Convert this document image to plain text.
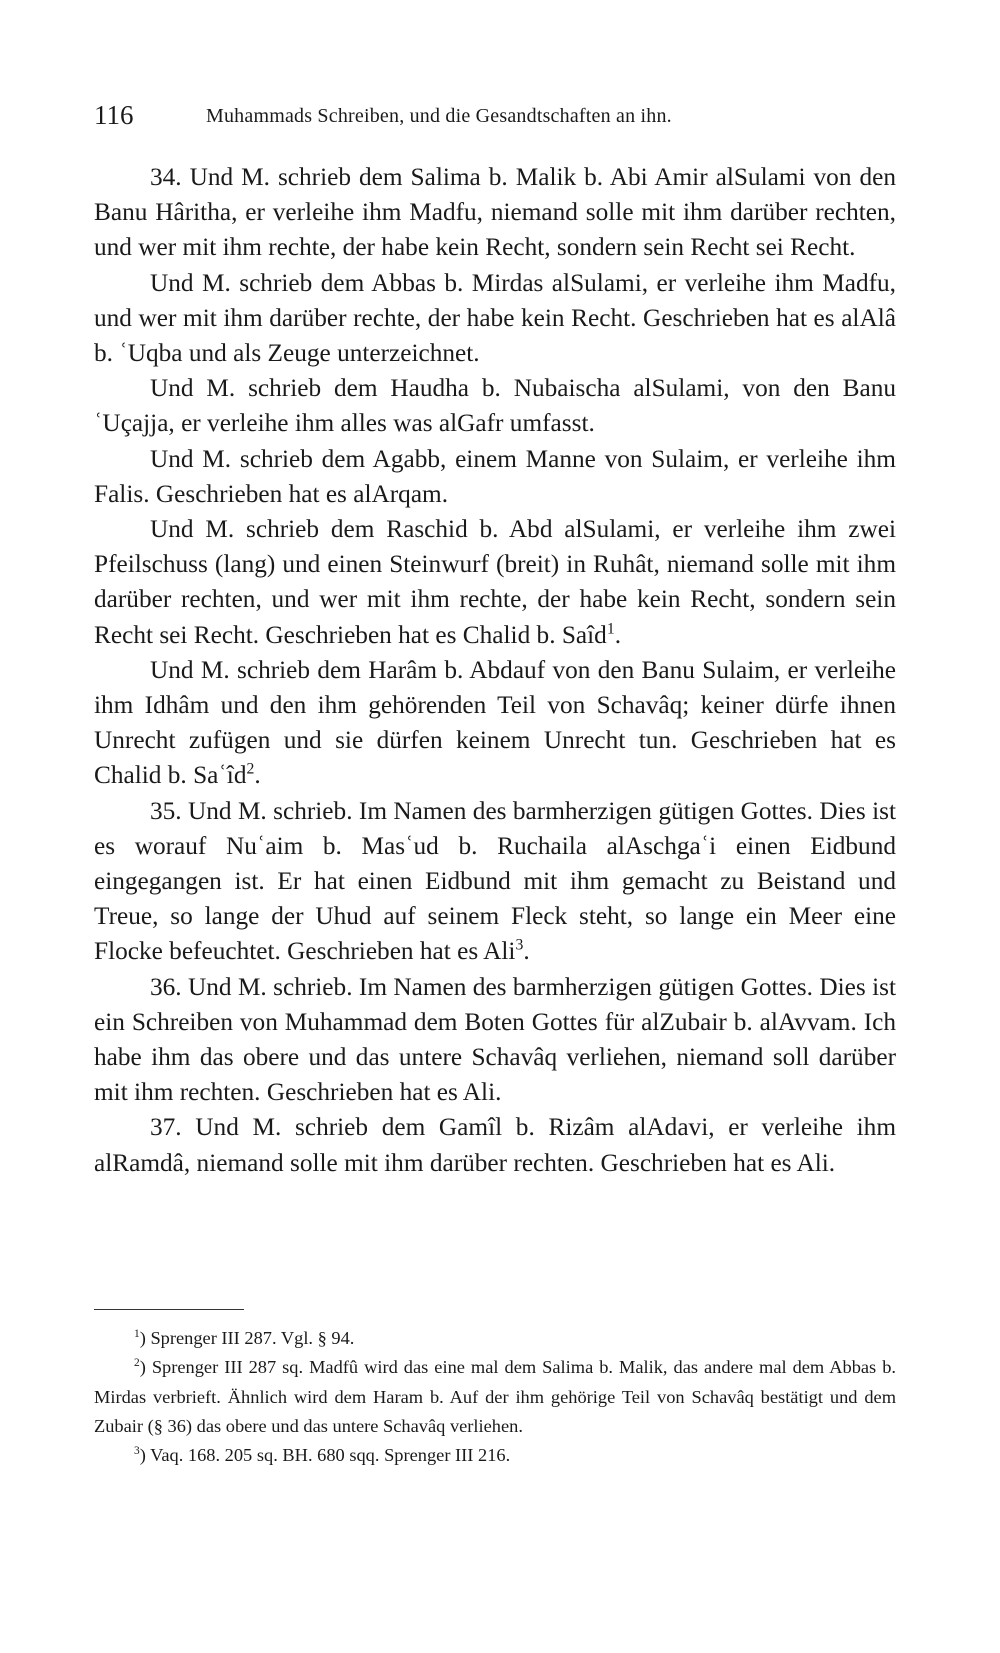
116	Muhammads Schreiben, und die Gesandtschaften an ihn.

34. Und M. schrieb dem Salima b. Malik b. Abi Amir alSulami von den Banu Hâritha, er verleihe ihm Madfu, niemand solle mit ihm darüber rechten, und wer mit ihm rechte, der habe kein Recht, sondern sein Recht sei Recht.

Und M. schrieb dem Abbas b. Mirdas alSulami, er verleihe ihm Madfu, und wer mit ihm darüber rechte, der habe kein Recht. Geschrieben hat es alAlâ b. ʿUqba und als Zeuge unterzeichnet.

Und M. schrieb dem Haudha b. Nubaischa alSulami, von den Banu ʿUçajja, er verleihe ihm alles was alGafr umfasst.

Und M. schrieb dem Agabb, einem Manne von Sulaim, er verleihe ihm Falis. Geschrieben hat es alArqam.

Und M. schrieb dem Raschid b. Abd alSulami, er verleihe ihm zwei Pfeilschuss (lang) und einen Steinwurf (breit) in Ruhât, niemand solle mit ihm darüber rechten, und wer mit ihm rechte, der habe kein Recht, sondern sein Recht sei Recht. Geschrieben hat es Chalid b. Saîd$^1$.

Und M. schrieb dem Harâm b. Abdauf von den Banu Sulaim, er verleihe ihm Idhâm und den ihm gehörenden Teil von Schavâq; keiner dürfe ihnen Unrecht zufügen und sie dürfen keinem Unrecht tun. Geschrieben hat es Chalid b. Saʿîd$^2$.

35. Und M. schrieb. Im Namen des barmherzigen gütigen Gottes. Dies ist es worauf Nuʿaim b. Masʿud b. Ruchaila alAschgaʿi einen Eidbund eingegangen ist. Er hat einen Eidbund mit ihm gemacht zu Beistand und Treue, so lange der Uhud auf seinem Fleck steht, so lange ein Meer eine Flocke befeuchtet. Geschrieben hat es Ali$^3$.

36. Und M. schrieb. Im Namen des barmherzigen gütigen Gottes. Dies ist ein Schreiben von Muhammad dem Boten Gottes für alZubair b. alAvvam. Ich habe ihm das obere und das untere Schavâq verliehen, niemand soll darüber mit ihm rechten. Geschrieben hat es Ali.

37. Und M. schrieb dem Gamîl b. Rizâm alAdavi, er verleihe ihm alRamdâ, niemand solle mit ihm darüber rechten. Geschrieben hat es Ali.

$^1$) Sprenger III 287. Vgl. § 94.

$^2$) Sprenger III 287 sq. Madfû wird das eine mal dem Salima b. Malik, das andere mal dem Abbas b. Mirdas verbrieft. Ähnlich wird dem Haram b. Auf der ihm gehörige Teil von Schavâq bestätigt und dem Zubair (§ 36) das obere und das untere Schavâq verliehen.

$^3$) Vaq. 168. 205 sq. BH. 680 sqq. Sprenger III 216.
